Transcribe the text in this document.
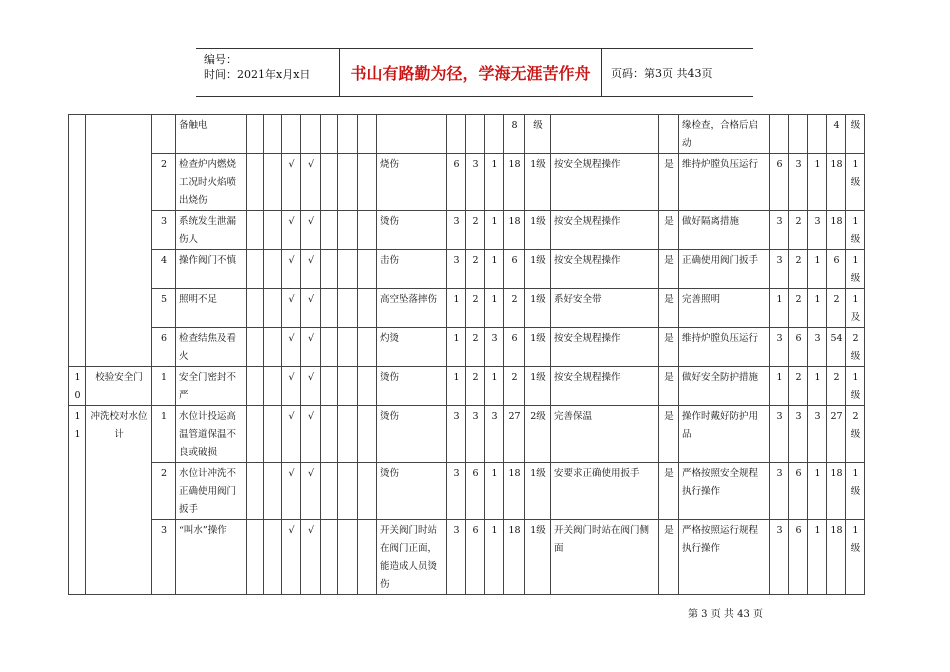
编号：
时间：2021年x月x日	书山有路勤为径，学海无涯苦作舟	页码：第3页 共43页
			备触电												8	级			缘检查，合格后启动				4	级
		2	检查炉内燃烧工况时火焰喷出烧伤			√	√				烧伤	6	3	1	18	1级	按安全规程操作	是	维持炉膛负压运行	6	3	1	18	1级
		3	系统发生泄漏伤人			√	√				烫伤	3	2	1	18	1级	按安全规程操作	是	做好隔离措施	3	2	3	18	1级
		4	操作阀门不慎			√	√				击伤	3	2	1	6	1级	按安全规程操作	是	正确使用阀门扳手	3	2	1	6	1级
		5	照明不足			√	√				高空坠落摔伤	1	2	1	2	1级	系好安全带	是	完善照明	1	2	1	2	1及
		6	检查结焦及看火			√	√				灼烫	1	2	3	6	1级	按安全规程操作	是	维持炉膛负压运行	3	6	3	54	2级
10	校验安全门	1	安全门密封不严			√	√				烫伤	1	2	1	2	1级	按安全规程操作	是	做好安全防护措施	1	2	1	2	1级
11	冲洗校对水位计	1	水位计投运高温管道保温不良或破损			√	√				烫伤	3	3	3	27	2级	完善保温	是	操作时戴好防护用品	3	3	3	27	2级
		2	水位计冲洗不正确使用阀门扳手			√	√				烫伤	3	6	1	18	1级	安要求正确使用扳手	是	严格按照安全规程执行操作	3	6	1	18	1级
		3	“叫水”操作			√	√				开关阀门时站在阀门正面，能造成人员烫伤	3	6	1	18	1级	开关阀门时站在阀门侧面	是	严格按照运行规程执行操作	3	6	1	18	1级
第 3 页 共 43 页
